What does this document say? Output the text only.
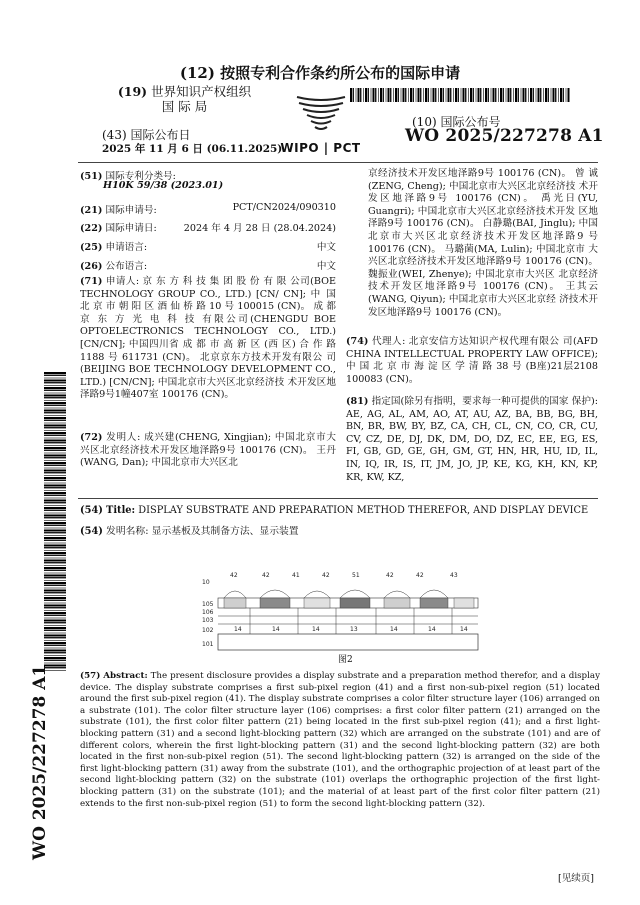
(12) 按照专利合作条约所公布的国际申请
(19) 世界知识产权组织
国 际 局
(43) 国际公布日
2025 年 11 月 6 日 (06.11.2025)
WIPO | PCT
(10) 国际公布号
WO 2025/227278 A1
(51) 国际专利分类号:
H10K 59/38 (2023.01)
(21) 国际申请号:	PCT/CN2024/090310
(22) 国际申请日:	2024 年 4 月 28 日 (28.04.2024)
(25) 申请语言:	中文
(26) 公布语言:	中文
(71) 申请人: 京 东 方 科 技 集 团 股 份 有 限 公司(BOE TECHNOLOGY GROUP CO., LTD.) [CN/ CN]; 中 国 北 京 市 朝 阳 区 酒 仙 桥 路 10 号 100015 (CN)。 成 都 京 东 方 光 电 科 技 有限公司(CHENGDU BOE OPTOELECTRONICS TECHNOLOGY CO., LTD.) [CN/CN]; 中国四川省 成 都 市 高 新 区 (西 区) 合 作 路 1188 号 611731 (CN)。 北京京东方技术开发有限公 司(BEIJING BOE TECHNOLOGY DEVELOPMENT CO., LTD.) [CN/CN]; 中国北京市大兴区北京经济技 术开发区地泽路9号1幢407室 100176 (CN)。
(72) 发明人: 成兴建(CHENG, Xingjian); 中国北京市大 兴区北京经济技术开发区地泽路9号 100176 (CN)。 王丹(WANG, Dan); 中国北京市大兴区北
京经济技术开发区地泽路9号 100176 (CN)。 曾 诚(ZENG, Cheng); 中国北京市大兴区北京经济技 术开发区地泽路9号 100176 (CN)。 禹光日(YU, Guangri); 中国北京市大兴区北京经济技术开发 区地泽路9号 100176 (CN)。 白静璐(BAI, Jinglu); 中国北京市大兴区北京经济技术开发区地泽路9 号 100176 (CN)。 马璐菌(MA, Lulin); 中国北京市 大兴区北京经济技术开发区地泽路9号 100176 (CN)。 魏振业(WEI, Zhenye); 中国北京市大兴区 北京经济技术开发区地泽路9号 100176 (CN)。 王其云(WANG, Qiyun); 中国北京市大兴区北京经 济技术开发区地泽路9号 100176 (CN)。
(74) 代理人: 北京安信方达知识产权代理有限公 司(AFD CHINA INTELLECTUAL PROPERTY LAW OFFICE); 中 国 北 京 市 海 淀 区 学 清 路 38 号 (B座)21层2108 100083 (CN)。
(81) 指定国(除另有指明，要求每一种可提供的国家 保护): AE, AG, AL, AM, AO, AT, AU, AZ, BA, BB, BG, BH, BN, BR, BW, BY, BZ, CA, CH, CL, CN, CO, CR, CU, CV, CZ, DE, DJ, DK, DM, DO, DZ, EC, EE, EG, ES, FI, GB, GD, GE, GH, GM, GT, HN, HR, HU, ID, IL, IN, IQ, IR, IS, IT, JM, JO, JP, KE, KG, KH, KN, KP, KR, KW, KZ,
WO 2025/227278 A1
(54) Title: DISPLAY SUBSTRATE AND PREPARATION METHOD THEREFOR, AND DISPLAY DEVICE
(54) 发明名称: 显示基板及其制备方法、显示装置
42	42	41	42	51	42	42	43
10
105
106
103
102
101
14	14	14	13	14	14	14
图2
(57) Abstract: The present disclosure provides a display substrate and a preparation method therefor, and a display device. The display substrate comprises a first sub-pixel region (41) and a first non-sub-pixel region (51) located around the first sub-pixel region (41). The display substrate comprises a color filter structure layer (106) arranged on a substrate (101). The color filter structure layer (106) comprises: a first color filter pattern (21) arranged on the substrate (101), the first color filter pattern (21) being located in the first sub-pixel region (41); and a first light-blocking pattern (31) and a second light-blocking pattern (32) which are arranged on the substrate (101) and are of different colors, wherein the first light-blocking pattern (31) and the second light-blocking pattern (32) are both located in the first non-sub-pixel region (51). The second light-blocking pattern (32) is arranged on the side of the first light-blocking pattern (31) away from the substrate (101), and the orthographic projection of at least part of the second light-blocking pattern (32) on the substrate (101) overlaps the orthographic projection of the first light-blocking pattern (31) on the substrate (101); and the material of at least part of the first color filter pattern (21) extends to the first non-sub-pixel region (51) to form the second light-blocking pattern (32).
[见续页]
